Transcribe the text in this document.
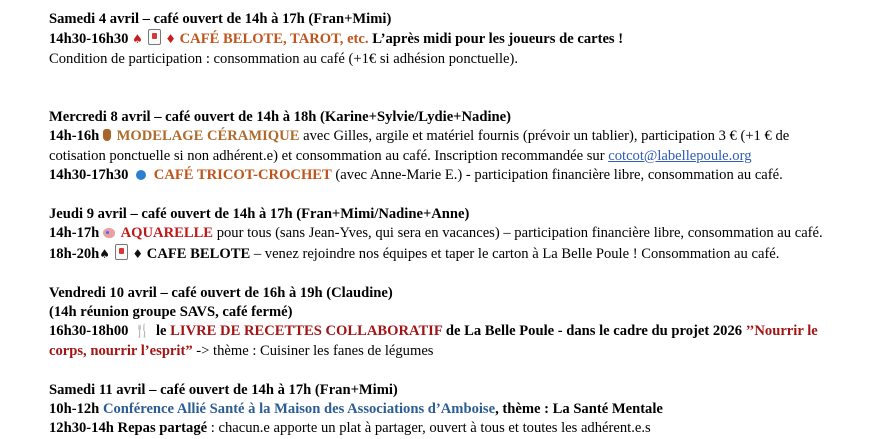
Samedi 4 avril – café ouvert de 14h à 17h (Fran+Mimi)
14h30-16h30 ♠ ♦ CAFÉ BELOTE, TAROT, etc. L’après midi pour les joueurs de cartes !
Condition de participation : consommation au café (+1€ si adhésion ponctuelle).
Mercredi 8 avril – café ouvert de 14h à 18h (Karine+Sylvie/Lydie+Nadine)
14h-16h MODELAGE CÉRAMIQUE avec Gilles, argile et matériel fournis (prévoir un tablier), participation 3 € (+1 € de
cotisation ponctuelle si non adhérent.e) et consommation au café. Inscription recommandée sur cotcot@labellepoule.org
14h30-17h30 CAFÉ TRICOT-CROCHET (avec Anne-Marie E.) - participation financière libre, consommation au café.
Jeudi 9 avril – café ouvert de 14h à 17h (Fran+Mimi/Nadine+Anne)
14h-17h AQUARELLE pour tous (sans Jean-Yves, qui sera en vacances) – participation financière libre, consommation au café.
18h-20h♠ ♦ CAFE BELOTE – venez rejoindre nos équipes et taper le carton à La Belle Poule ! Consommation au café.
Vendredi 10 avril – café ouvert de 16h à 19h (Claudine)
(14h réunion groupe SAVS, café fermé)
16h30-18h00 🍴 le LIVRE DE RECETTES COLLABORATIF de La Belle Poule - dans le cadre du projet 2026 ’’Nourrir le
corps, nourrir l’esprit” -> thème : Cuisiner les fanes de légumes
Samedi 11 avril – café ouvert de 14h à 17h (Fran+Mimi)
10h-12h Conférence Allié Santé à la Maison des Associations d’Amboise, thème : La Santé Mentale
12h30-14h Repas partagé : chacun.e apporte un plat à partager, ouvert à tous et toutes les adhérent.e.s
